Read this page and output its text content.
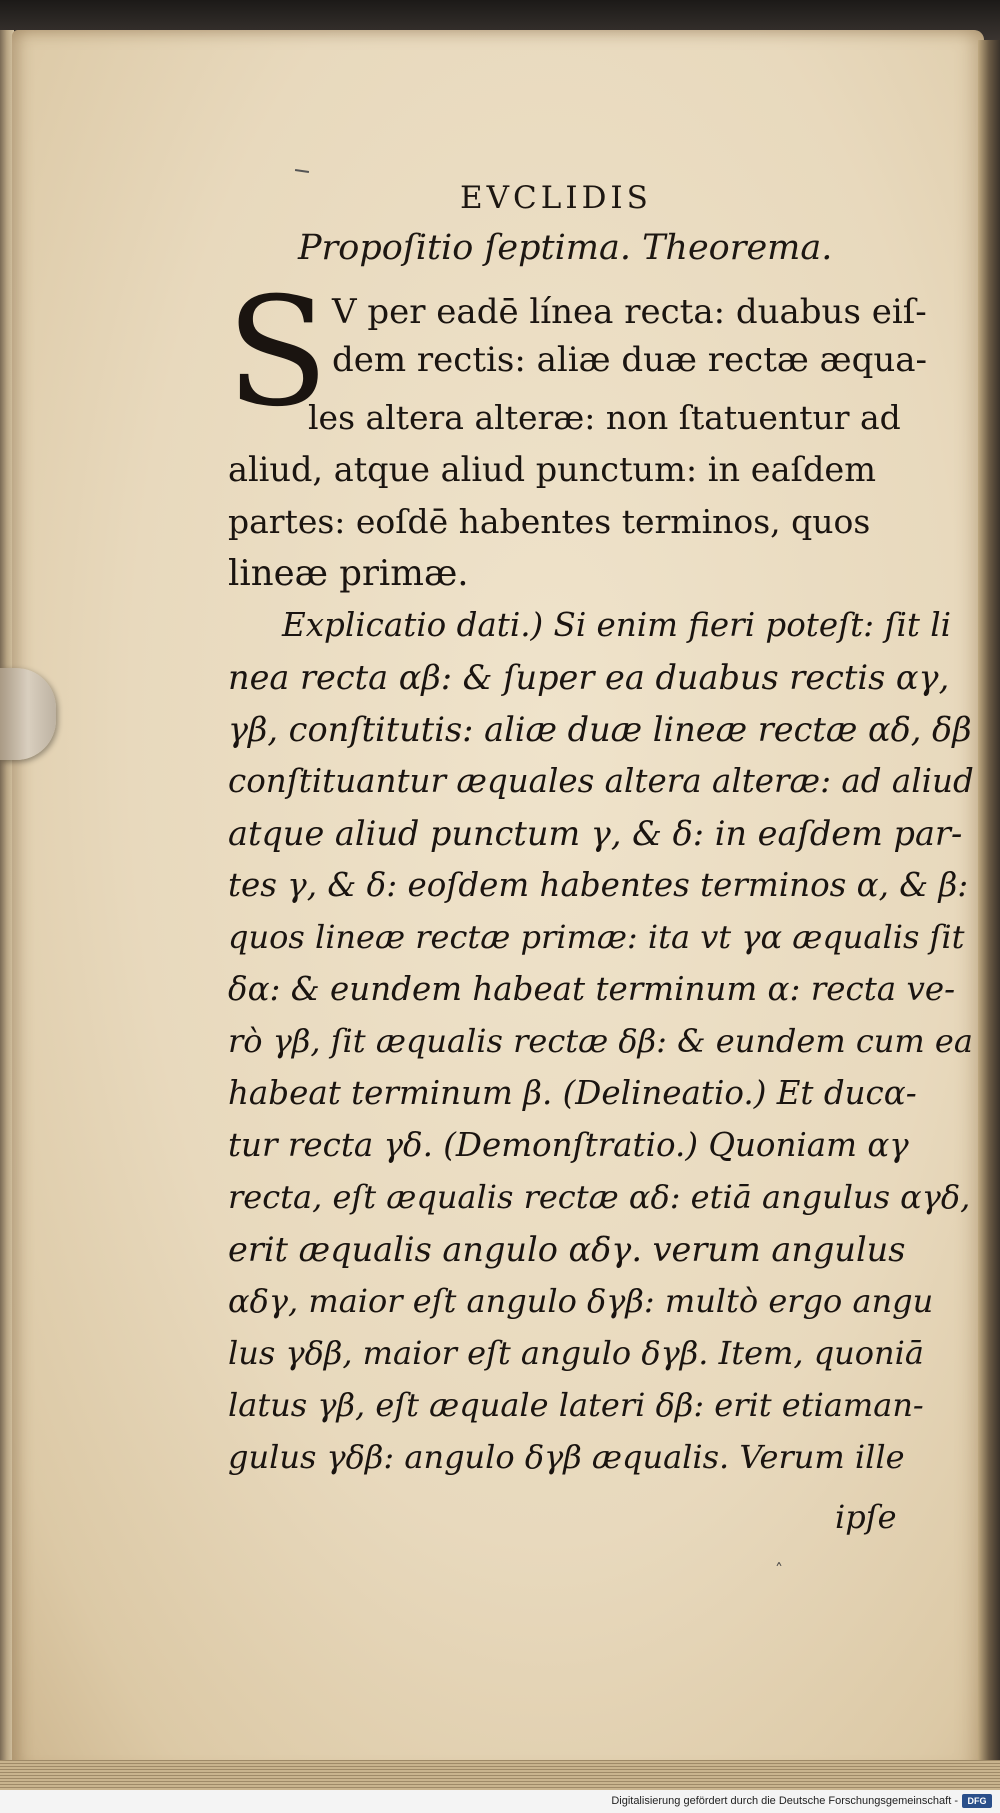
˄
EVCLIDIS
Propoſitio ſeptima. Theorema.
S V per eadē línea recta: duabus eiſ-
dem rectis: aliæ duæ rectæ æqua-
les altera alteræ: non ſtatuentur ad
aliud, atque aliud punctum: in eaſdem
partes: eoſdē habentes terminos, quos
lineæ primæ.
Explicatio dati.) Si enim fieri poteſt: ſit li
nea recta αβ: & ſuper ea duabus rectis αγ,
γβ, conſtitutis: aliæ duæ lineæ rectæ αδ, δβ
conſtituantur æquales altera alteræ: ad aliud
atque aliud punctum γ, & δ: in eaſdem par-
tes γ, & δ: eoſdem habentes terminos α, & β:
quos lineæ rectæ primæ: ita vt γα æqualis ſit
δα: & eundem habeat terminum α: recta ve-
rò γβ, ſit æqualis rectæ δβ: & eundem cum ea
habeat terminum β. (Delineatio.) Et ducα-
tur recta γδ. (Demonſtratio.) Quoniam αγ
recta, eſt æqualis rectæ αδ: etiā angulus αγδ,
erit æqualis angulo αδγ. verum angulus
αδγ, maior eſt angulo δγβ: multò ergo angu
lus γδβ, maior eſt angulo δγβ. Item, quoniā
latus γβ, eſt æquale lateri δβ: erit etiaman-
gulus γδβ: angulo δγβ æqualis. Verum ille
ipſe
Digitalisierung gefördert durch die Deutsche Forschungsgemeinschaft -	DFG
